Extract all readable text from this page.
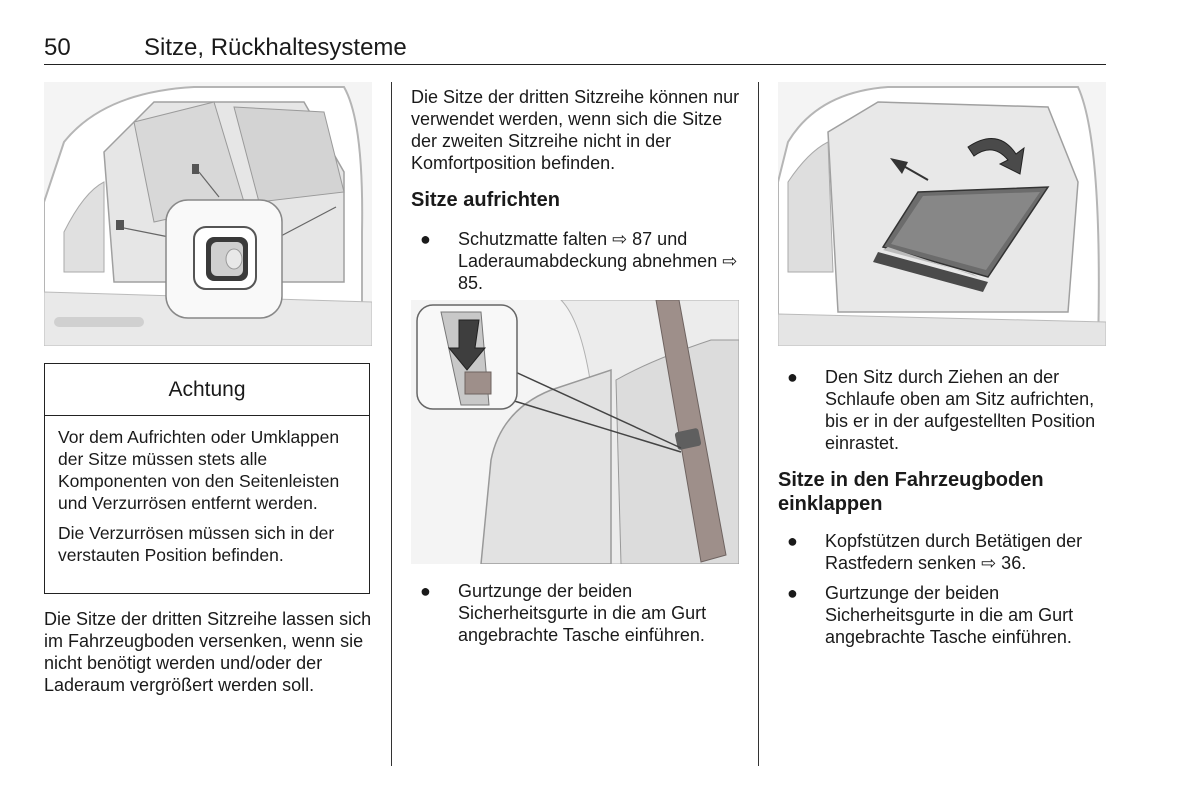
50	Sitze, Rückhaltesysteme
Achtung

Vor dem Aufrichten oder Umklappen der Sitze müssen stets alle Komponenten von den Seitenleisten und Verzurrösen entfernt werden.

Die Verzurrösen müssen sich in der verstauten Position befinden.

Die Sitze der dritten Sitzreihe lassen sich im Fahrzeugboden versenken, wenn sie nicht benötigt werden und/oder der Laderaum vergrößert werden soll.

Die Sitze der dritten Sitzreihe können nur verwendet werden, wenn sich die Sitze der zweiten Sitzreihe nicht in der Komfortposition befinden.

Sitze aufrichten

● Schutzmatte falten ⇨ 87 und Laderaumabdeckung abnehmen ⇨ 85.
● Gurtzunge der beiden Sicherheitsgurte in die am Gurt angebrachte Tasche einführen.
● Den Sitz durch Ziehen an der Schlaufe oben am Sitz aufrichten, bis er in der aufgestellten Position einrastet.

Sitze in den Fahrzeugboden einklappen

● Kopfstützen durch Betätigen der Rastfedern senken ⇨ 36.
● Gurtzunge der beiden Sicherheitsgurte in die am Gurt angebrachte Tasche einführen.
